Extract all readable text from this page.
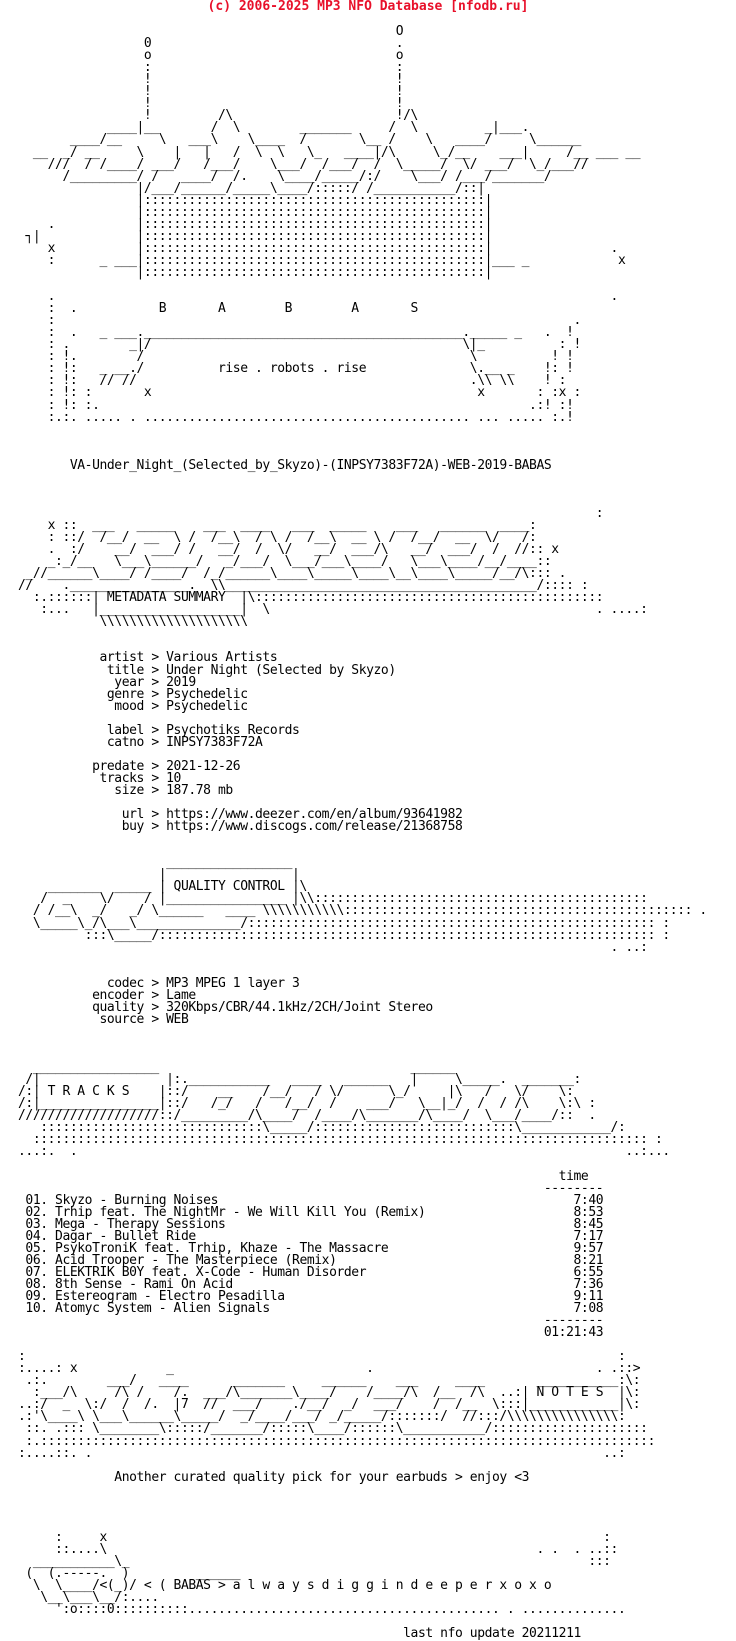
(c) 2006-2025 MP3 NFO Database [nfodb.ru]
O
0                                 .
o                                 o
:                                 :
!                                 !
!                                 !
!                                 !
!         /\                      !/\
____|__       /  \        _______     /  \         _|___.
____/__     \   ___\    \____  /       \__ /    \   ____/     \______
__  _/ __     \    |   |   /  \  \   \_   ____|/\     \_/__    ___|     /__ ___ __
///  / /____/ ___/   /___/    \___/  /___/  /  \_____/  \/ ___/  \_/___//
/_________/ /   ____/  /.    \____/_____/:/    \___/ /___/_______/
|/___/______/_____\____/:::::/ /___________/::|
|::::::::::::::::::::::::::::::::::::::::::::::|
|::::::::::::::::::::::::::::::::::::::::::::::|
.           |::::::::::::::::::::::::::::::::::::::::::::::|
┐|             |::::::::::::::::::::::::::::::::::::::::::::::|
x           |::::::::::::::::::::::::::::::::::::::::::::::|                .
:      _ ___|::::::::::::::::::::::::::::::::::::::::::::::|___ _            x
|::::::::::::::::::::::::::::::::::::::::::::::|
.                                                                           .
:  .           B       A        B        A       S
:                                                                      .
:  .   _ ___.___________________________________________._____ _   .  !
: .        _|/                                          \|_          : !
: !.        /                                            \          ! !
: !:   _ __./          rise . robots . rise              \.__ _    !: !
: !:   // //                                             .\\ \\    ! :
: !: :       x                                            x       : :x :
: !: :.                                                          .:! :!
:.:. ..... . ............................................ ... ..... :.!
VA-Under_Night_(Selected_by_Skyzo)-(INPSY7383F72A)-WEB-2019-BABAS
:
x ::  ___   _____    ___  ____   ___  _____    ___   ______  ____:
: ::/  /__/  __  \ /  /__\  / \ /  /__\  __ \ /  /__/  __  \/   /:
.  :/    __/  ___/ /   __/  /  \/   __/  ___/\   __/  ___/  /  //:: x
_:_/__   \___\______/   _/___/  \___/___\____/   \___\____/__/____::
_//______\____/ /____/  /_/______\____\_____\____\__\____\_____/__/\::: .
//    .________________.  \\__________________________________________/:::: :
:.::::::| METADATA SUMMARY  |\:::::::::::::::::::::::::::::::::::::::::::::::
:...   |___________________|  \                                            . ....:
\\\\\\\\\\\\\\\\\\\\
artist > Various Artists
title > Under Night (Selected by Skyzo)
year > 2019
genre > Psychedelic
mood > Psychedelic
label > Psychotiks Records
catno > INPSY7383F72A
predate > 2021-12-26
tracks > 10
size > 187.78 mb
url > https://www.deezer.com/en/album/93641982
buy > https://www.discogs.com/release/21368758
_________________
|                 |
_______  _____ | QUALITY CONTROL |\
/  _    \/    / |________________ |\\:::::::::::::::::::::::::::::::::::::::::::::
/ /__\  _/   _/ \______   ____ \\\\\\\\\\\::::::::::::::::::::::::::::::::::::::::::::::: .
\_____\_/\___\______________/::::::::::::::::::::::::::::::::::::::::::::::::::::::: :
:::\_____/::::::::::::::::::::::::::::::::::::::::::::::::::::::::::::::::::: :
. ..:
codec > MP3 MPEG 1 layer 3
encoder > Lame
quality > 320Kbps/CBR/44.1kHz/2CH/Joint Stereo
source > WEB
_________________                                  ______
/|                 |:.___________   ____   ______   |     \_____.  _______:
/:| T R A C K S    |::/    __    /__/   / \/      \_/     |\   /   \/    \:
/:|________________|::/   /_/   /   /__/  /    ___/   \__|_/  /  / /\    \:\ :
///////////////////::/_________/\____/  /____/\_______/\____/  \___/____/::  .
::::::::::::::::::::::::::::::\_____/:::::::::::::::::::::::::::\____________/:
::::::::::::::::::::::::::::::::::::::::::::::::::::::::::::::::::::::::::::::::::: :
...:.  .                                                                          ..:...
time
--------
01. Skyzo - Burning Noises                                                7:40
02. Trhip feat. The NightMr - We Will Kill You (Remix)                    8:53
03. Mega - Therapy Sessions                                               8:45
04. Dagar - Bullet Ride                                                   7:17
05. PsykoTroniK feat. Trhip, Khaze - The Massacre                         9:57
06. Acid Trooper - The Masterpiece (Remix)                                8:21
07. ELEKTRIK B0Y feat. X-Code - Human Disorder                            6:55
08. 8th Sense - Rami On Acid                                              7:36
09. Estereogram - Electro Pesadilla                                       9:11
10. Atomyc System - Alien Signals                                         7:08
--------
01:21:43
:                                                                                :
:....: x            _                          .                              . .::>
.:.        ___/   ____      _______     ______    ___     ____       ___________:\:
:___/\     /\ /    /.  ___/\_______\____/    /____/\  /__  /\  ..:| N O T E S  |\:
..:/  _  \:/  /  /.  |7  //  ___/    ./__/  _/  ___/    /  /__  \:::|____________|\:
.:'\____\ \___\______\_____/  _/____/___/ _/_____/:::::::/  //:::/\\\\\\\\\\\\\\\:
::. .::: \________\:::::/_______/:::::\____/::::::\___________/:::::::::::::::::::::
:.:::::::::::::::::::::::::::::::::::::::::::::::::::::::::::::::::::::::::::::::::::
:....::. .                                                                     ..:
Another curated quality pick for your earbuds > enjoy <3
:     x                                                                   :
::....\                                                          . .  . ..::
___________\_                                                              :::
(  (.-----.  )         ______
\  \____/<(_)/ < ( BABAS > a l w a y s d i g g i n d e e p e r x o x o
\__\___\__/:....
':o::::0::::::::::.......................................... . ..............
last nfo update 20211211
